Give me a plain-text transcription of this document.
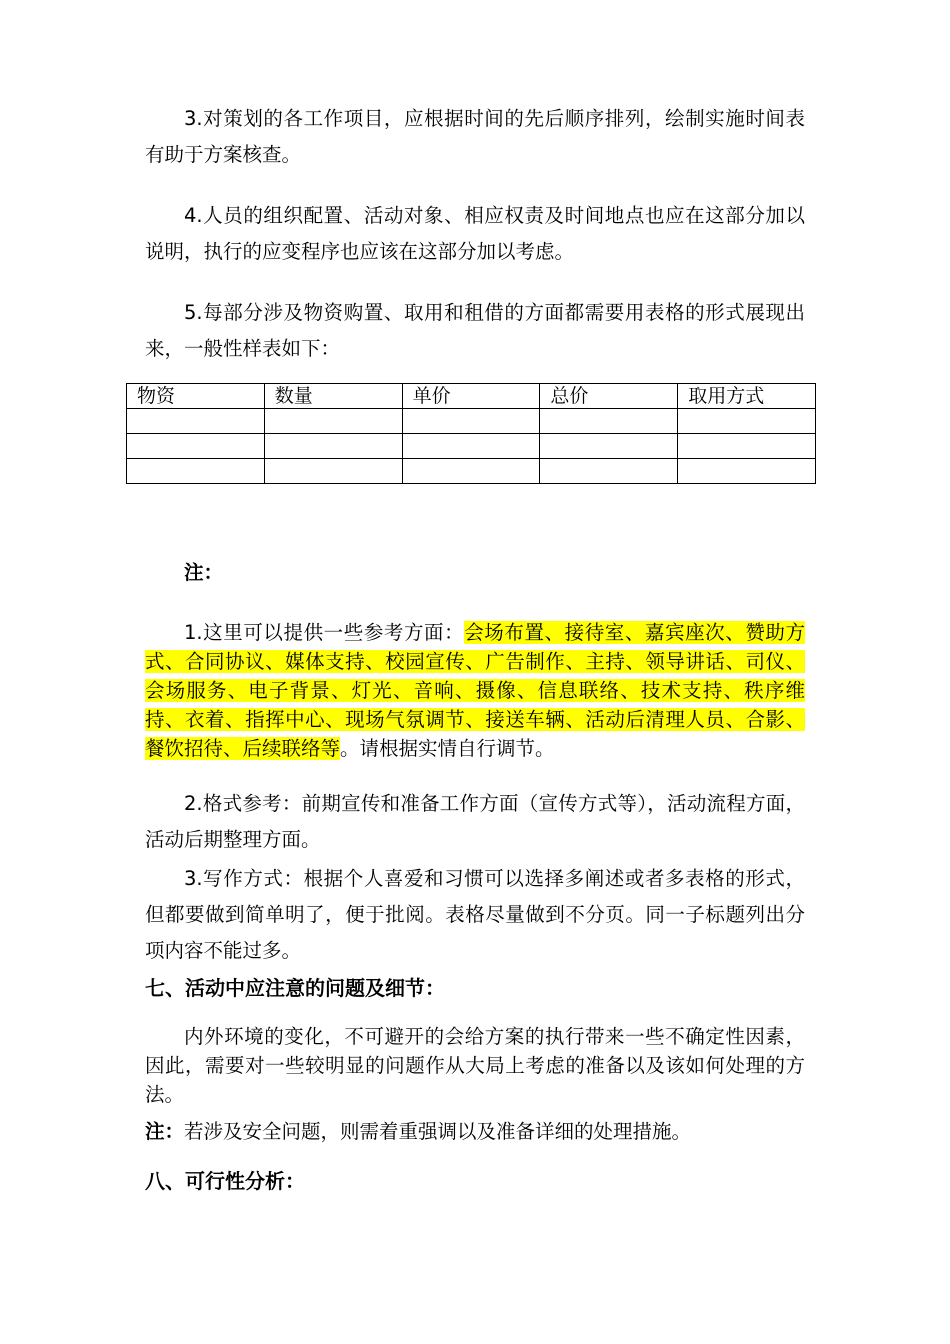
3.对策划的各工作项目，应根据时间的先后顺序排列，绘制实施时间表有助于方案核查。

4.人员的组织配置、活动对象、相应权责及时间地点也应在这部分加以说明，执行的应变程序也应该在这部分加以考虑。

5.每部分涉及物资购置、取用和租借的方面都需要用表格的形式展现出来，一般性样表如下：

物资	数量	单价	总价	取用方式

注：

1.这里可以提供一些参考方面：会场布置、接待室、嘉宾座次、赞助方式、合同协议、媒体支持、校园宣传、广告制作、主持、领导讲话、司仪、会场服务、电子背景、灯光、音响、摄像、信息联络、技术支持、秩序维持、衣着、指挥中心、现场气氛调节、接送车辆、活动后清理人员、合影、餐饮招待、后续联络等。请根据实情自行调节。

2.格式参考：前期宣传和准备工作方面（宣传方式等），活动流程方面，活动后期整理方面。

3.写作方式：根据个人喜爱和习惯可以选择多阐述或者多表格的形式，但都要做到简单明了，便于批阅。表格尽量做到不分页。同一子标题列出分项内容不能过多。

七、活动中应注意的问题及细节：

内外环境的变化，不可避开的会给方案的执行带来一些不确定性因素，因此，需要对一些较明显的问题作从大局上考虑的准备以及该如何处理的方法。

注：若涉及安全问题，则需着重强调以及准备详细的处理措施。

八、可行性分析：
